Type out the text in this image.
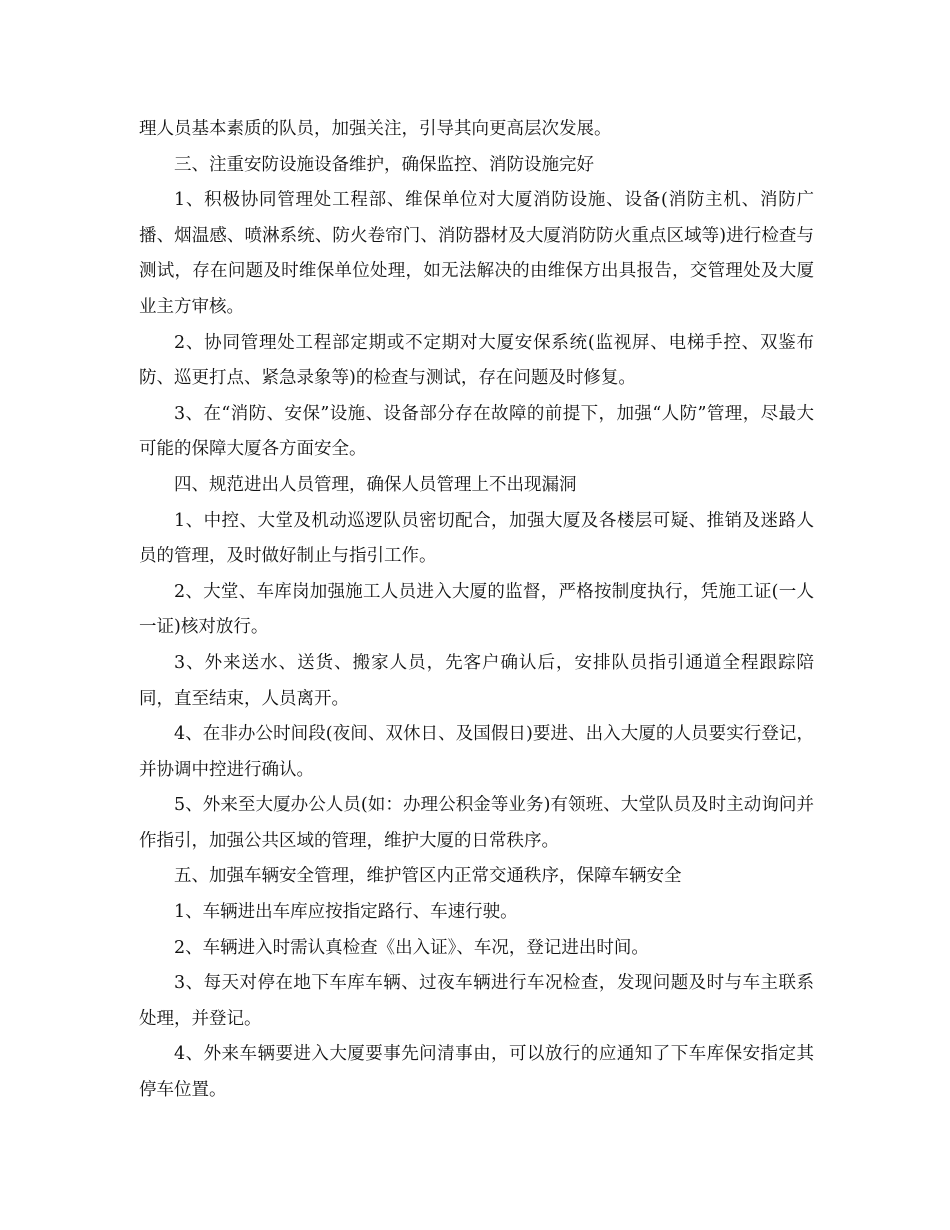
理人员基本素质的队员，加强关注，引导其向更高层次发展。

三、注重安防设施设备维护，确保监控、消防设施完好

1、积极协同管理处工程部、维保单位对大厦消防设施、设备(消防主机、消防广播、烟温感、喷淋系统、防火卷帘门、消防器材及大厦消防防火重点区域等)进行检查与测试，存在问题及时维保单位处理，如无法解决的由维保方出具报告，交管理处及大厦业主方审核。

2、协同管理处工程部定期或不定期对大厦安保系统(监视屏、电梯手控、双鉴布防、巡更打点、紧急录象等)的检查与测试，存在问题及时修复。

3、在“消防、安保”设施、设备部分存在故障的前提下，加强“人防”管理，尽最大可能的保障大厦各方面安全。

四、规范进出人员管理，确保人员管理上不出现漏洞

1、中控、大堂及机动巡逻队员密切配合，加强大厦及各楼层可疑、推销及迷路人员的管理，及时做好制止与指引工作。

2、大堂、车库岗加强施工人员进入大厦的监督，严格按制度执行，凭施工证(一人一证)核对放行。

3、外来送水、送货、搬家人员，先客户确认后，安排队员指引通道全程跟踪陪同，直至结束，人员离开。

4、在非办公时间段(夜间、双休日、及国假日)要进、出入大厦的人员要实行登记，并协调中控进行确认。

5、外来至大厦办公人员(如：办理公积金等业务)有领班、大堂队员及时主动询问并作指引，加强公共区域的管理，维护大厦的日常秩序。

五、加强车辆安全管理，维护管区内正常交通秩序，保障车辆安全

1、车辆进出车库应按指定路行、车速行驶。

2、车辆进入时需认真检查《出入证》、车况，登记进出时间。

3、每天对停在地下车库车辆、过夜车辆进行车况检查，发现问题及时与车主联系处理，并登记。

4、外来车辆要进入大厦要事先问清事由，可以放行的应通知了下车库保安指定其停车位置。
